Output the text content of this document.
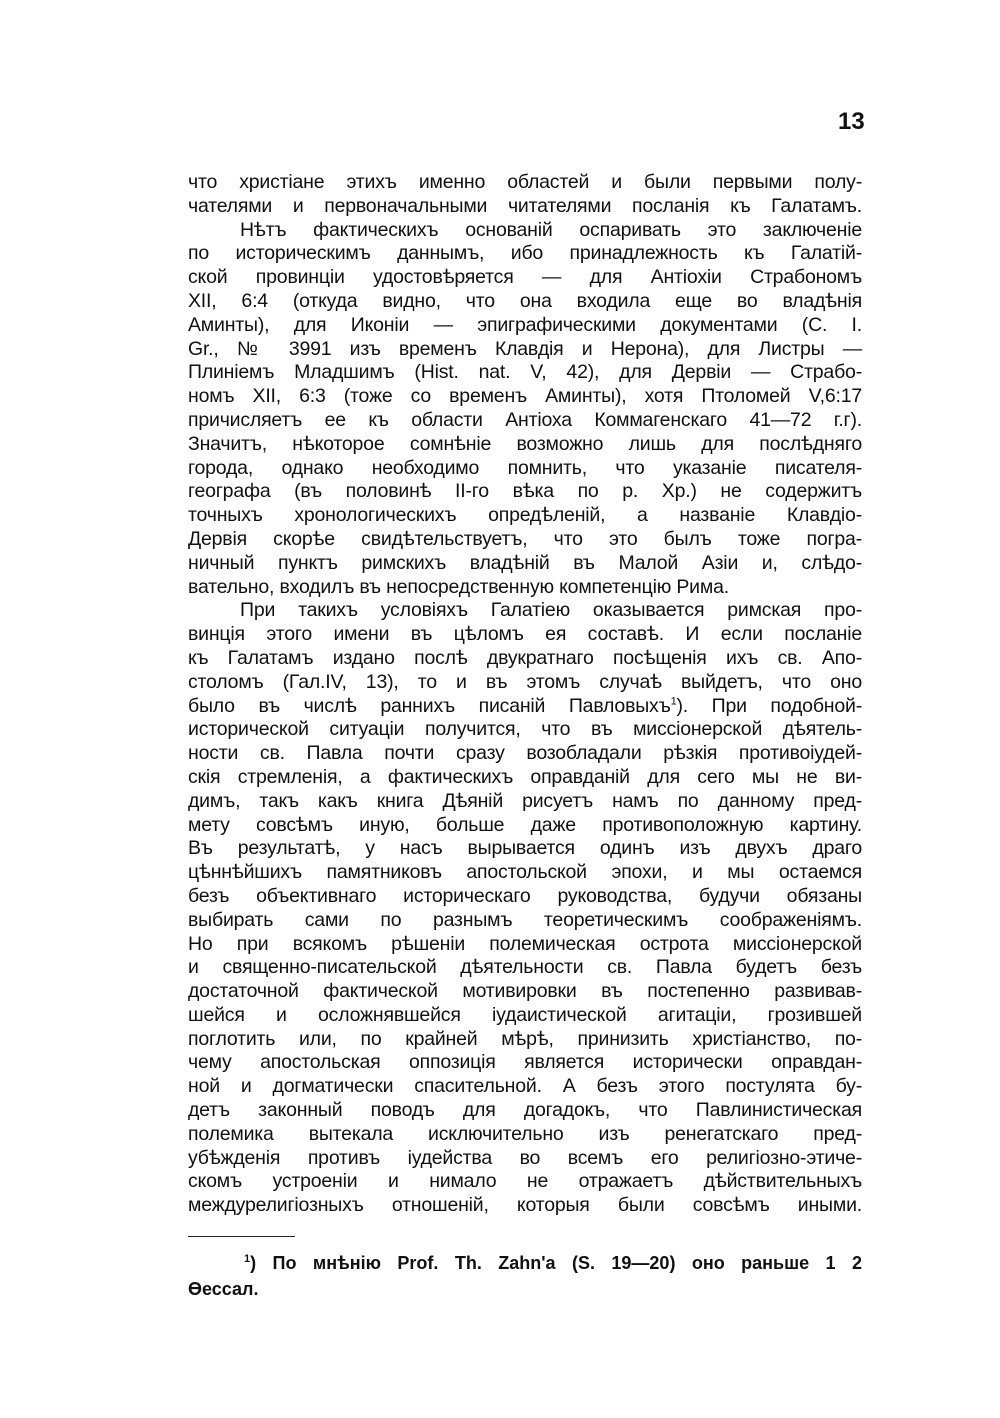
13
что христiане этихъ именно областей и были первыми полу-
чателями и первоначальными читателями посланiя къ Галатамъ.
Нѣтъ фактическихъ основанiй оспаривать это заключенiе
по историческимъ даннымъ, ибо принадлежность къ Галатiй-
ской провинцiи удостовѣряется — для Антiохiи Страбономъ
XII, 6:4 (откуда видно, что она входила еще во владѣнiя
Аминты), для Иконiи — эпиграфическими документами (C. I.
Gr., № 3991 изъ временъ Клавдiя и Нерона), для Листры —
Плинiемъ Младшимъ (Hist. nat. V, 42), для Дервiи — Страбо-
номъ XII, 6:3 (тоже со временъ Аминты), хотя Птоломей V,6:17
причисляетъ ее къ области Антiоха Коммагенскаго 41—72 г.г).
Значитъ, нѣкоторое сомнѣнiе возможно лишь для послѣдняго
города, однако необходимо помнить, что указанiе писателя-
географа (въ половинѣ II-го вѣка по р. Хр.) не содержитъ
точныхъ хронологическихъ опредѣленiй, а названiе Клавдiо-
Дервiя скорѣе свидѣтельствуетъ, что это былъ тоже погра-
ничный пунктъ римскихъ владѣнiй въ Малой Азiи и, слѣдо-
вательно, входилъ въ непосредственную компетенцiю Рима.
При такихъ условiяхъ Галатiею оказывается римская про-
винцiя этого имени въ цѣломъ ея составѣ. И если посланiе
къ Галатамъ издано послѣ двукратнаго посѣщенiя ихъ св. Апо-
столомъ (Гал.IV, 13), то и въ этомъ случаѣ выйдетъ, что оно
было въ числѣ раннихъ писанiй Павловыхъ$^1$). При подобной-
исторической ситуацiи получится, что въ миссiонерской дѣятель-
ности св. Павла почти сразу возобладали рѣзкiя противоiудей-
скiя стремленiя, а фактическихъ оправданiй для сего мы не ви-
димъ, такъ какъ книга Дѣянiй рисуетъ намъ по данному пред-
мету совсѣмъ иную, больше даже противоположную картину.
Въ результатѣ, у насъ вырывается одинъ изъ двухъ драго
цѣннѣйшихъ памятниковъ апостольской эпохи, и мы остаемся
безъ объективнаго историческаго руководства, будучи обязаны
выбирать сами по разнымъ теоретическимъ соображенiямъ.
Но при всякомъ рѣшенiи полемическая острота миссiонерской
и священно-писательской дѣятельности св. Павла будетъ безъ
достаточной фактической мотивировки въ постепенно развивав-
шейся и осложнявшейся iудаистической агитацiи, грозившей
поглотить или, по крайней мѣрѣ, принизить христiанство, по-
чему апостольская оппозицiя является исторически оправдан-
ной и догматически спасительной. А безъ этого постулята бу-
детъ законный поводъ для догадокъ, что Павлинистическая
полемика вытекала исключительно изъ ренегатскаго пред-
убѣжденiя противъ iудейства во всемъ его религiозно-этиче-
скомъ устроенiи и нимало не отражаетъ дѣйствительныхъ
междурелигiозныхъ отношенiй, которыя были совсѣмъ иными.
$^1$) По мнѣнiю Prof. Th. Zahn'a (S. 19—20) оно раньше 1 2
Өессал.
